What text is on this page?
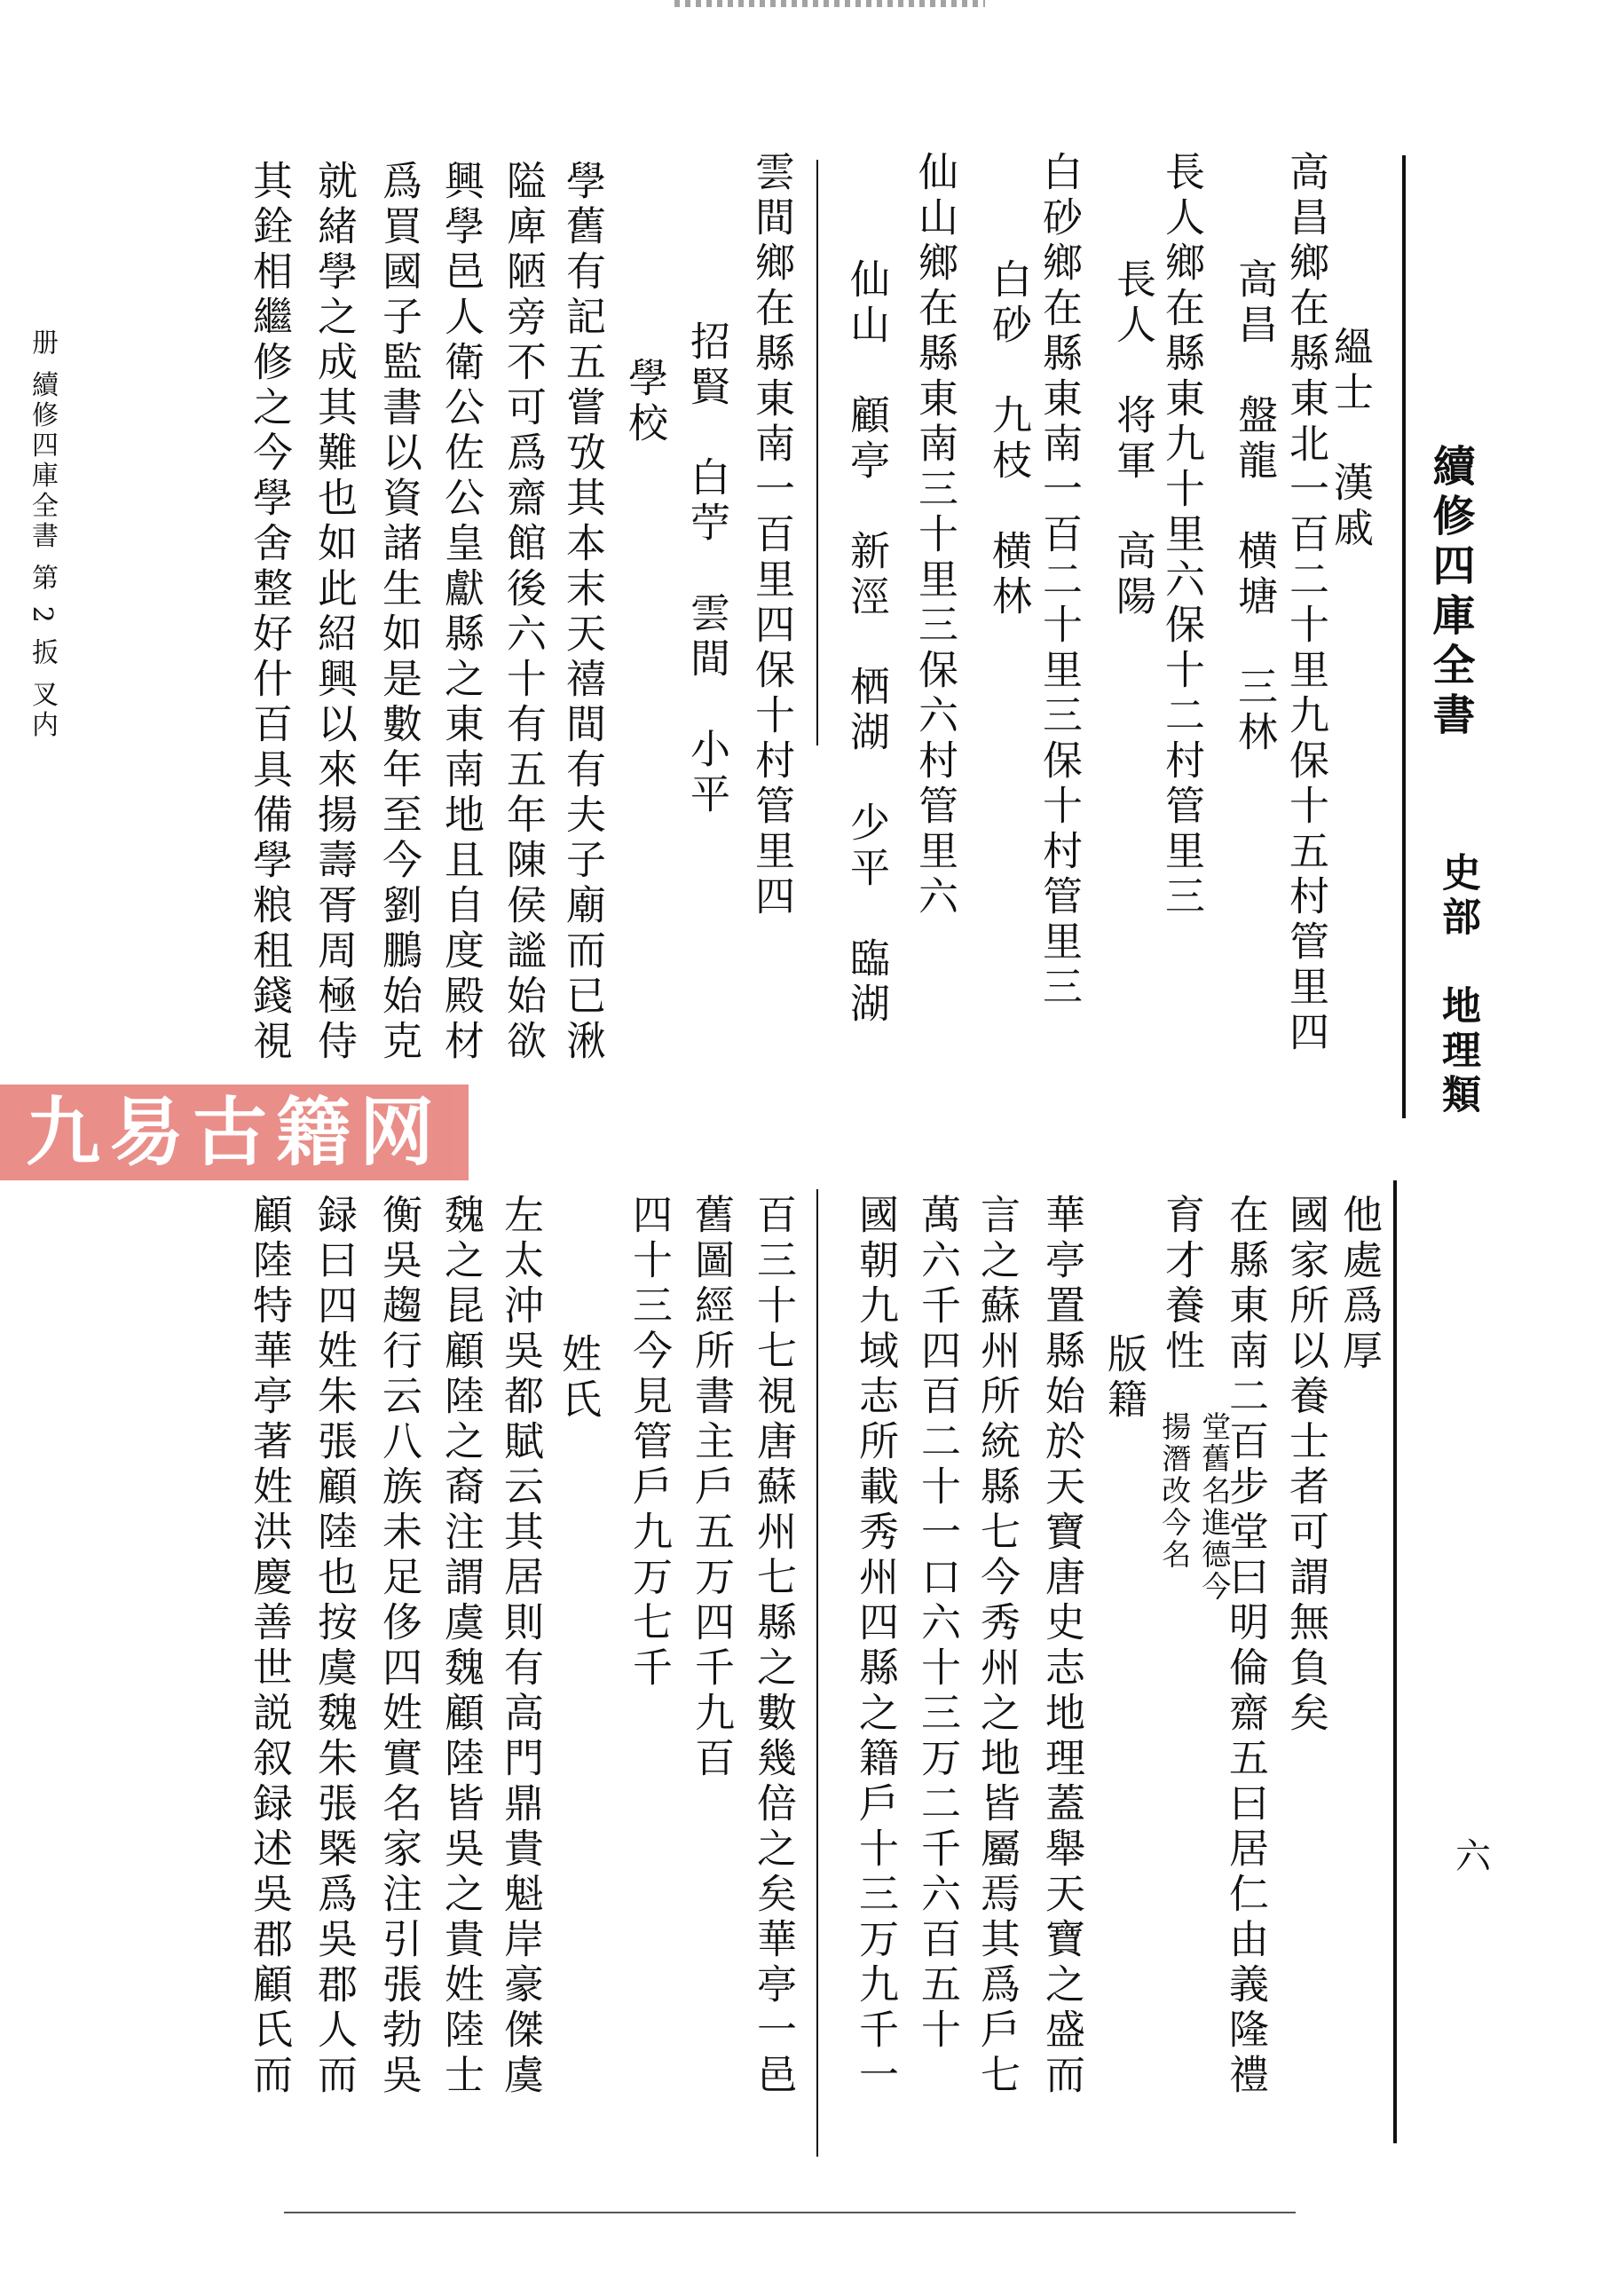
續修四庫全書
史部　地理類
六
册 續修四庫全書 第 2 扳 叉内	　　縕士　漢戚
高昌鄉在縣東北一百二十里九保十五村管里四
　高昌　盤龍　横塘　三林
長人鄉在縣東九十里六保十二村管里三
　長人　将軍　高陽
白砂鄉在縣東南一百二十里三保十村管里三
　白砂　九枝　横林
仙山鄉在縣東南三十里三保六村管里六
　仙山　顧亭　新涇　栖湖　少平　臨湖
雲間鄉在縣東南一百里四保十村管里四
　招賢　白苧　雲間　小平
　　學校
學舊有記五嘗攷其本末天禧間有夫子廟而已湫
隘庳陋旁不可爲齋館後六十有五年陳侯謐始欲
興學邑人衛公佐公皇獻縣之東南地且自度殿材
爲買國子監書以資諸生如是數年至今劉鵬始克
就緒學之成其難也如此紹興以來揚壽胥周極侍
其銓相繼修之今學舍整好什百具備學粮租錢視
他處爲厚
國家所以養士者可謂無負矣
在縣東南二百步堂曰明倫齋五曰居仁由義隆禮
育才養性
堂舊名進德今
揚潛改今名
　　版籍
華亭置縣始於天寶唐史志地理蓋舉天寶之盛而
言之蘇州所統縣七今秀州之地皆屬焉其爲戶七
萬六千四百二十一口六十三万二千六百五十
國朝九域志所載秀州四縣之籍戶十三万九千一
百三十七視唐蘇州七縣之數幾倍之矣華亭一邑
舊圖經所書主戶五万四千九百
四十三今見管戶九万七千
　　姓氏
左太沖吳都賦云其居則有高門鼎貴魁岸豪傑虞
魏之昆顧陸之裔注謂虞魏顧陸皆吳之貴姓陸士
衡吳趨行云八族未足侈四姓實名家注引張勃吳
録曰四姓朱張顧陸也按虞魏朱張槩爲吳郡人而
顧陸特華亭著姓洪慶善世説叙録述吳郡顧氏而
九易古籍网
